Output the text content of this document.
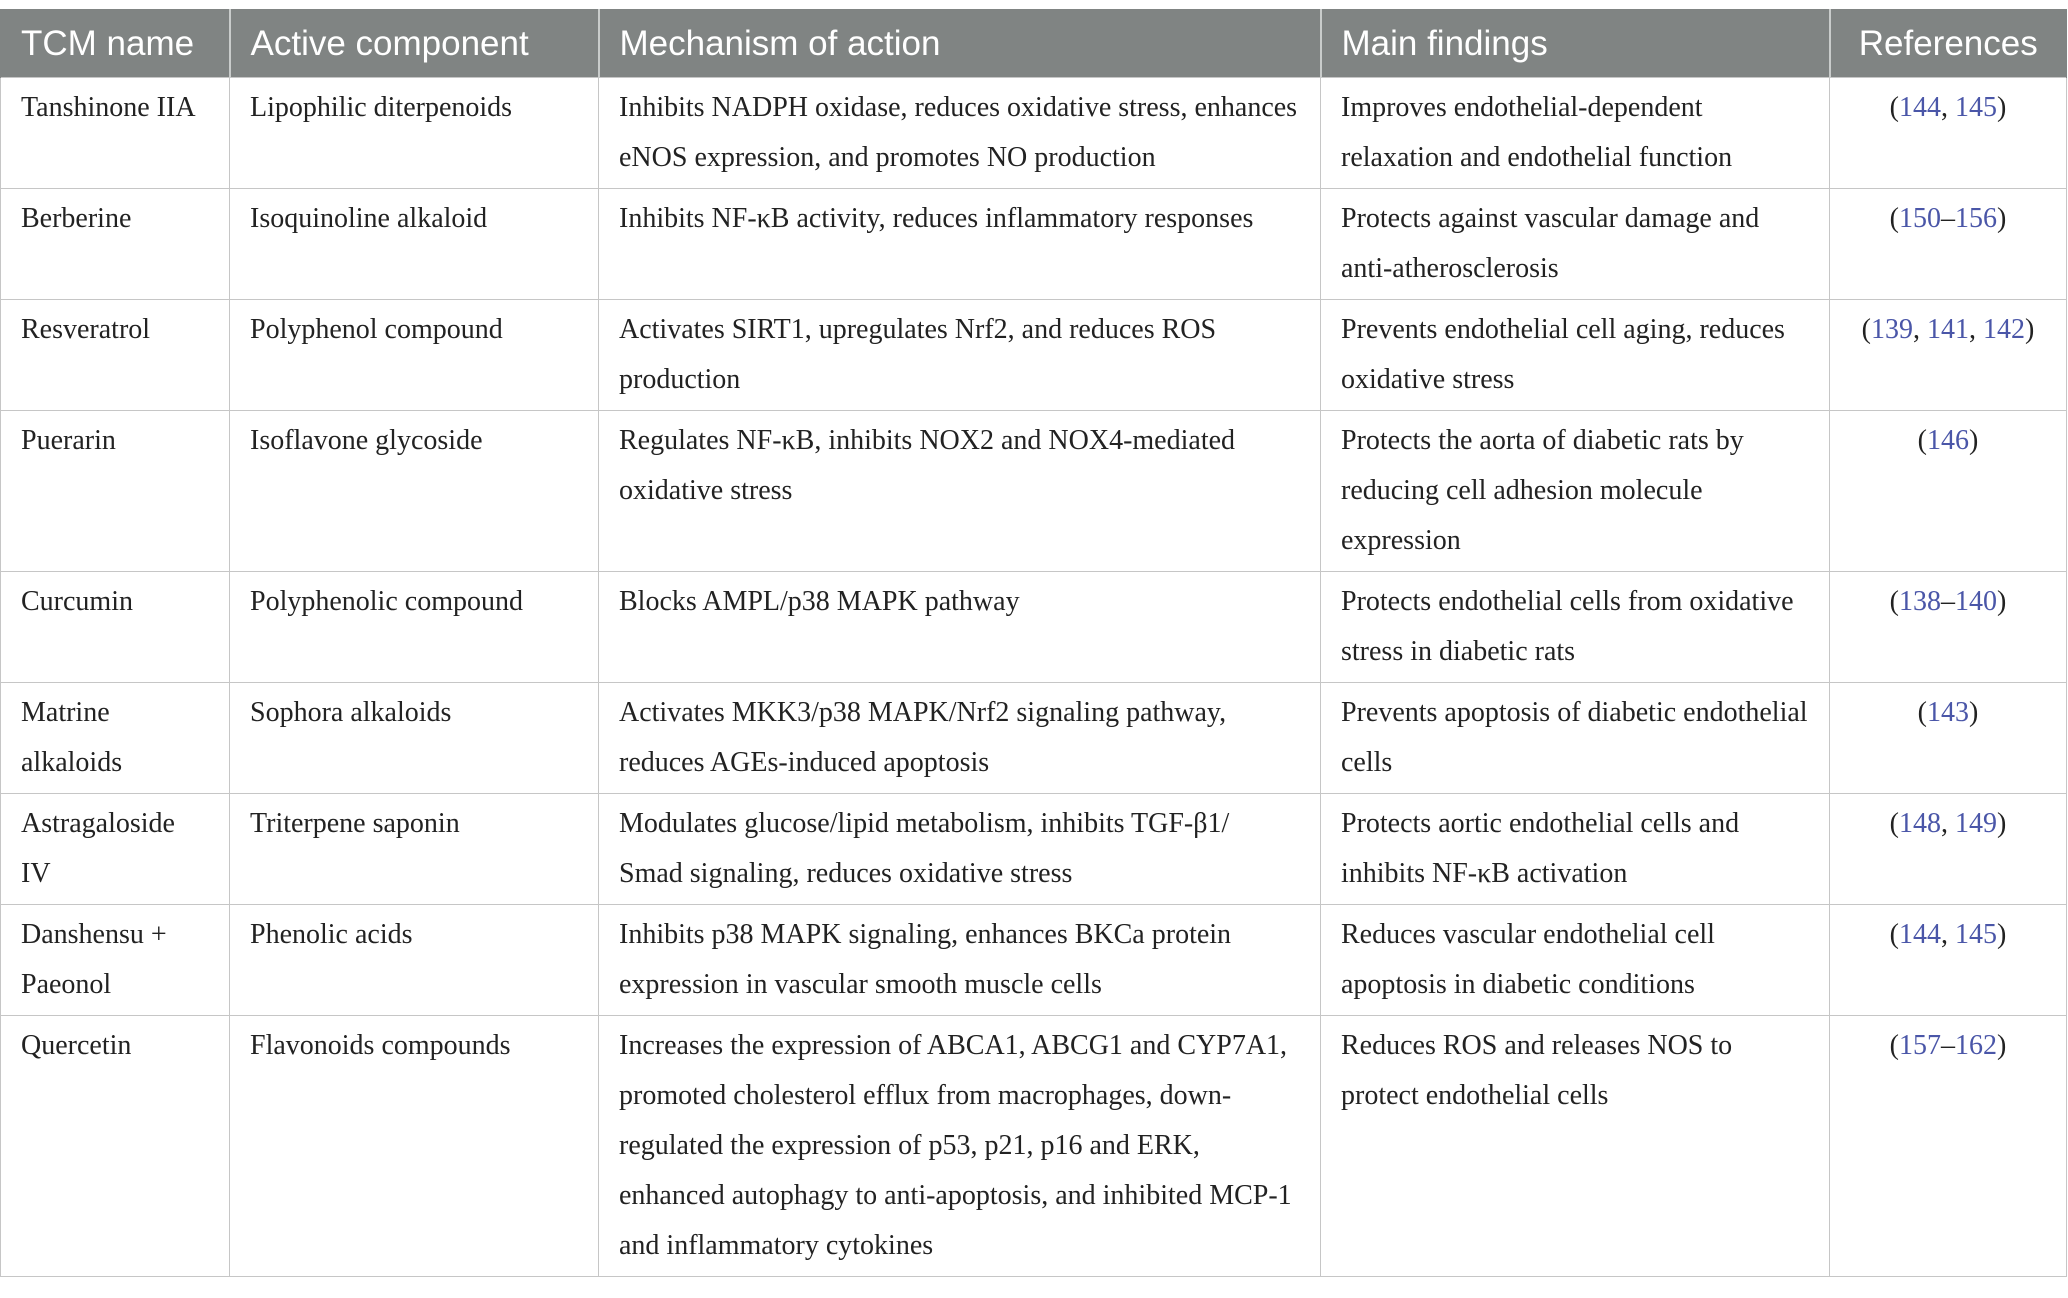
TCM name	Active component	Mechanism of action	Main findings	References
Tanshinone IIA	Lipophilic diterpenoids	Inhibits NADPH oxidase, reduces oxidative stress, enhances eNOS expression, and promotes NO production	Improves endothelial-dependent relaxation and endothelial function	(144, 145)
Berberine	Isoquinoline alkaloid	Inhibits NF-κB activity, reduces inflammatory responses	Protects against vascular damage and anti-atherosclerosis	(150–156)
Resveratrol	Polyphenol compound	Activates SIRT1, upregulates Nrf2, and reduces ROS production	Prevents endothelial cell aging, reduces oxidative stress	(139, 141, 142)
Puerarin	Isoflavone glycoside	Regulates NF-κB, inhibits NOX2 and NOX4-mediated oxidative stress	Protects the aorta of diabetic rats by reducing cell adhesion molecule expression	(146)
Curcumin	Polyphenolic compound	Blocks AMPL/p38 MAPK pathway	Protects endothelial cells from oxidative stress in diabetic rats	(138–140)
Matrine alkaloids	Sophora alkaloids	Activates MKK3/p38 MAPK/Nrf2 signaling pathway, reduces AGEs-induced apoptosis	Prevents apoptosis of diabetic endothelial cells	(143)
Astragaloside IV	Triterpene saponin	Modulates glucose/lipid metabolism, inhibits TGF-β1/ Smad signaling, reduces oxidative stress	Protects aortic endothelial cells and inhibits NF-κB activation	(148, 149)
Danshensu + Paeonol	Phenolic acids	Inhibits p38 MAPK signaling, enhances BKCa protein expression in vascular smooth muscle cells	Reduces vascular endothelial cell apoptosis in diabetic conditions	(144, 145)
Quercetin	Flavonoids compounds	Increases the expression of ABCA1, ABCG1 and CYP7A1, promoted cholesterol efflux from macrophages, down-regulated the expression of p53, p21, p16 and ERK, enhanced autophagy to anti-apoptosis, and inhibited MCP-1 and inflammatory cytokines	Reduces ROS and releases NOS to protect endothelial cells	(157–162)
